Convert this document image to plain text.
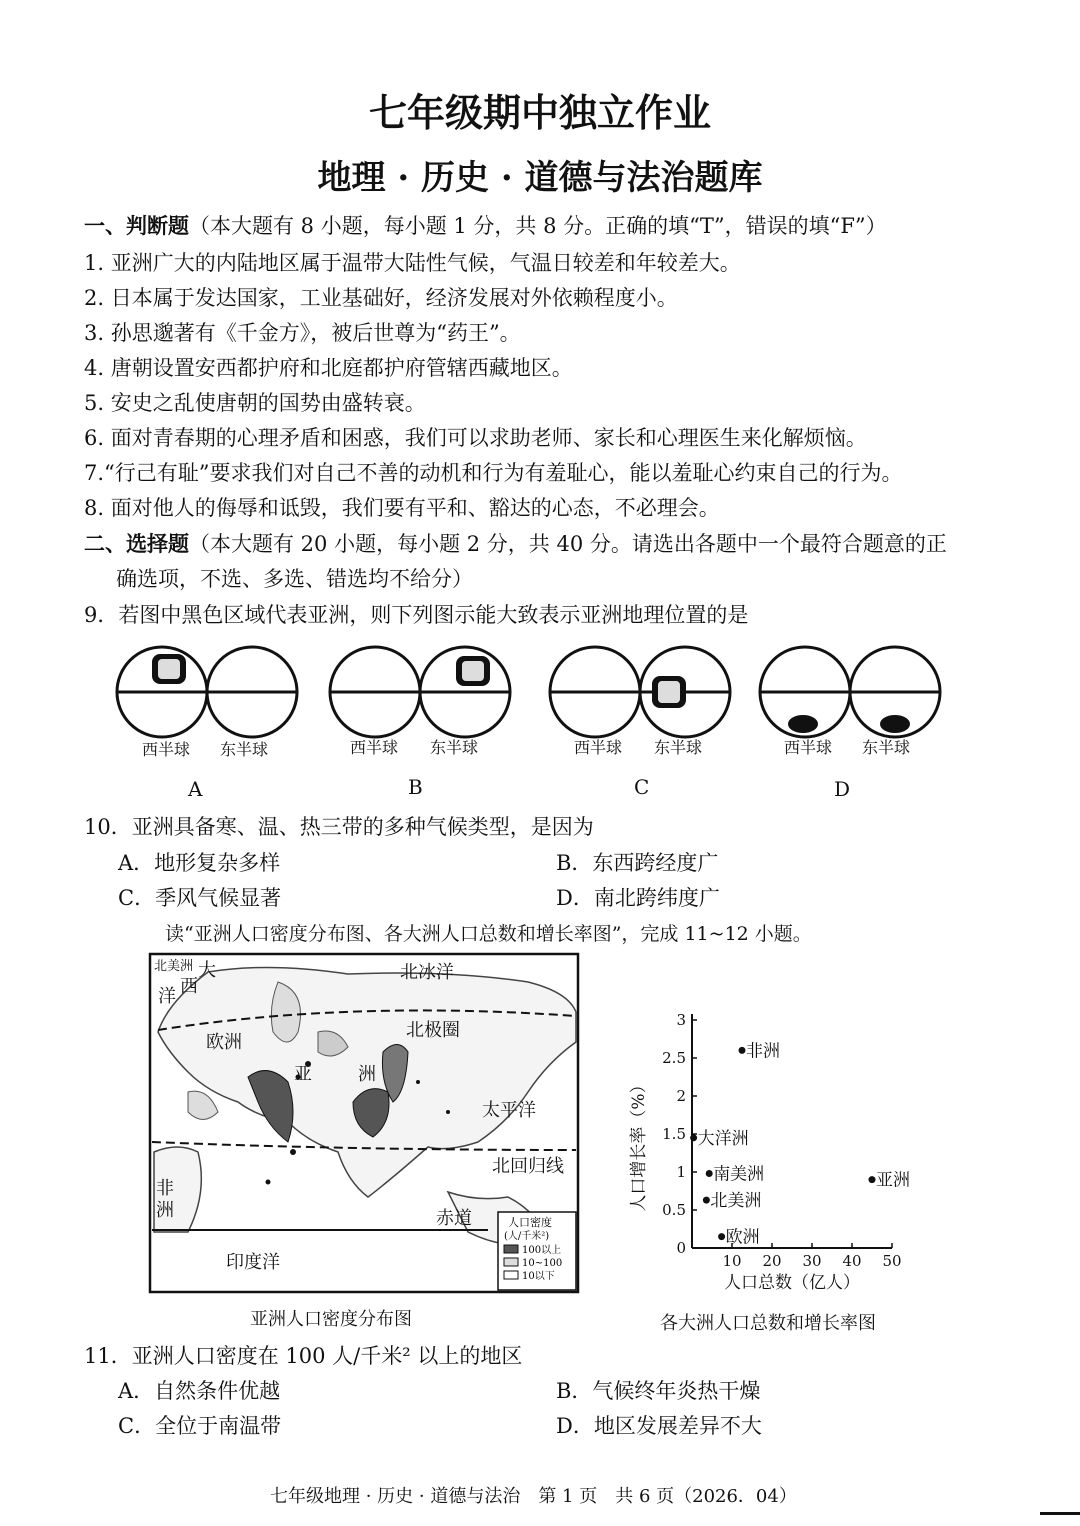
七年级期中独立作业
地理 · 历史 · 道德与法治题库
一、判断题（本大题有 8 小题，每小题 1 分，共 8 分。正确的填“T”，错误的填“F”）
1. 亚洲广大的内陆地区属于温带大陆性气候，气温日较差和年较差大。
2. 日本属于发达国家，工业基础好，经济发展对外依赖程度小。
3. 孙思邈著有《千金方》，被后世尊为“药王”。
4. 唐朝设置安西都护府和北庭都护府管辖西藏地区。
5. 安史之乱使唐朝的国势由盛转衰。
6. 面对青春期的心理矛盾和困惑，我们可以求助老师、家长和心理医生来化解烦恼。
7.“行己有耻”要求我们对自己不善的动机和行为有羞耻心，能以羞耻心约束自己的行为。
8. 面对他人的侮辱和诋毁，我们要有平和、豁达的心态，不必理会。
二、选择题（本大题有 20 小题，每小题 2 分，共 40 分。请选出各题中一个最符合题意的正
确选项，不选、多选、错选均不给分）
9．若图中黑色区域代表亚洲，则下列图示能大致表示亚洲地理位置的是
西半球 东半球	西半球 东半球	西半球 东半球	西半球 东半球
A	B	C	D
10．亚洲具备寒、温、热三带的多种气候类型，是因为
A．地形复杂多样	B．东西跨经度广
C．季风气候显著	D．南北跨纬度广
读“亚洲人口密度分布图、各大洲人口总数和增长率图”，完成 11~12 小题。
北美洲 大
西
洋
北冰洋
欧洲
北极圈
亚	洲
太平洋
北回归线
非
洲	赤道
印度洋
人口密度
(人/千米²)
100以上
10~100
10以下
亚洲人口密度分布图
0
0.5
1
1.5
2
2.5
3
10 20 30 40 50
人口总数（亿人）
人口增长率（%）
非洲
大洋洲
南美洲	亚洲
北美洲
欧洲
各大洲人口总数和增长率图
11．亚洲人口密度在 100 人/千米² 以上的地区
A．自然条件优越	B．气候终年炎热干燥
C．全位于南温带	D．地区发展差异不大
七年级地理 · 历史 · 道德与法治　第 1 页　共 6 页（2026．04）
